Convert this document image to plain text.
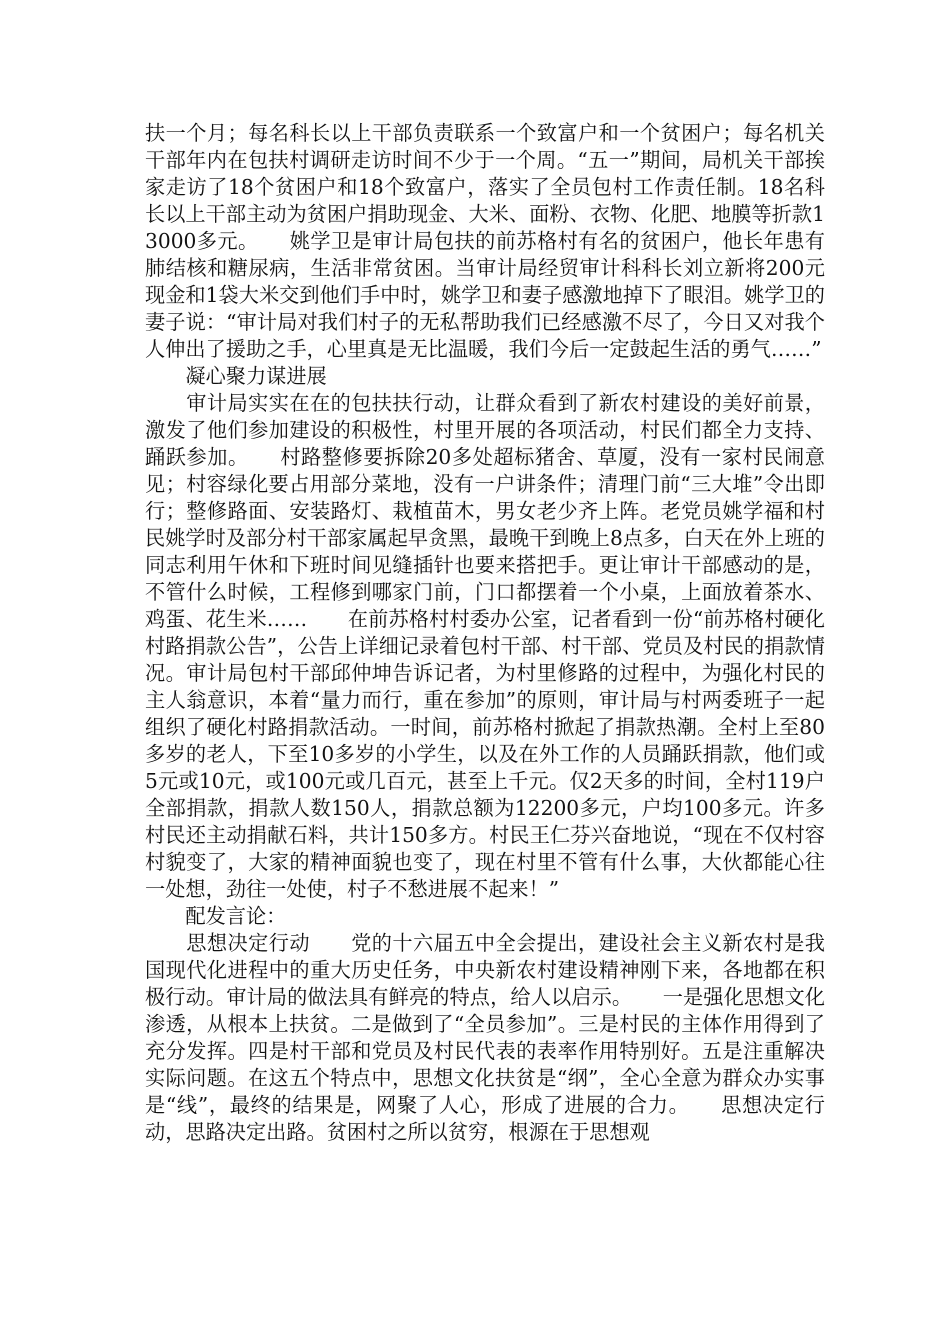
扶一个月；每名科长以上干部负责联系一个致富户和一个贫困户；每名机关干部年内在包扶村调研走访时间不少于一个周。“五一”期间，局机关干部挨家走访了18个贫困户和18个致富户，落实了全员包村工作责任制。18名科长以上干部主动为贫困户捐助现金、大米、面粉、衣物、化肥、地膜等折款13000多元。　　姚学卫是审计局包扶的前苏格村有名的贫困户，他长年患有肺结核和糖尿病，生活非常贫困。当审计局经贸审计科科长刘立新将200元现金和1袋大米交到他们手中时，姚学卫和妻子感激地掉下了眼泪。姚学卫的妻子说：“审计局对我们村子的无私帮助我们已经感激不尽了，今日又对我个人伸出了援助之手，心里真是无比温暖，我们今后一定鼓起生活的勇气……”

　　凝心聚力谋进展

　　审计局实实在在的包扶扶行动，让群众看到了新农村建设的美好前景，激发了他们参加建设的积极性，村里开展的各项活动，村民们都全力支持、踊跃参加。　　村路整修要拆除20多处超标猪舍、草厦，没有一家村民闹意见；村容绿化要占用部分菜地，没有一户讲条件；清理门前“三大堆”令出即行；整修路面、安装路灯、栽植苗木，男女老少齐上阵。老党员姚学福和村民姚学时及部分村干部家属起早贪黑，最晚干到晚上8点多，白天在外上班的同志利用午休和下班时间见缝插针也要来搭把手。更让审计干部感动的是，不管什么时候，工程修到哪家门前，门口都摆着一个小桌，上面放着茶水、鸡蛋、花生米……　　在前苏格村村委办公室，记者看到一份“前苏格村硬化村路捐款公告”，公告上详细记录着包村干部、村干部、党员及村民的捐款情况。审计局包村干部邱仲坤告诉记者，为村里修路的过程中，为强化村民的主人翁意识，本着“量力而行，重在参加”的原则，审计局与村两委班子一起组织了硬化村路捐款活动。一时间，前苏格村掀起了捐款热潮。全村上至80多岁的老人，下至10多岁的小学生，以及在外工作的人员踊跃捐款，他们或5元或10元，或100元或几百元，甚至上千元。仅2天多的时间，全村119户全部捐款，捐款人数150人，捐款总额为12200多元，户均100多元。许多村民还主动捐献石料，共计150多方。村民王仁芬兴奋地说，“现在不仅村容村貌变了，大家的精神面貌也变了，现在村里不管有什么事，大伙都能心往一处想，劲往一处使，村子不愁进展不起来！”

　　配发言论：

　　思想决定行动　　党的十六届五中全会提出，建设社会主义新农村是我国现代化进程中的重大历史任务，中央新农村建设精神刚下来，各地都在积极行动。审计局的做法具有鲜亮的特点，给人以启示。　　一是强化思想文化渗透，从根本上扶贫。二是做到了“全员参加”。三是村民的主体作用得到了充分发挥。四是村干部和党员及村民代表的表率作用特别好。五是注重解决实际问题。在这五个特点中，思想文化扶贫是“纲”，全心全意为群众办实事是“线”，最终的结果是，网聚了人心，形成了进展的合力。　　思想决定行动，思路决定出路。贫困村之所以贫穷，根源在于思想观
